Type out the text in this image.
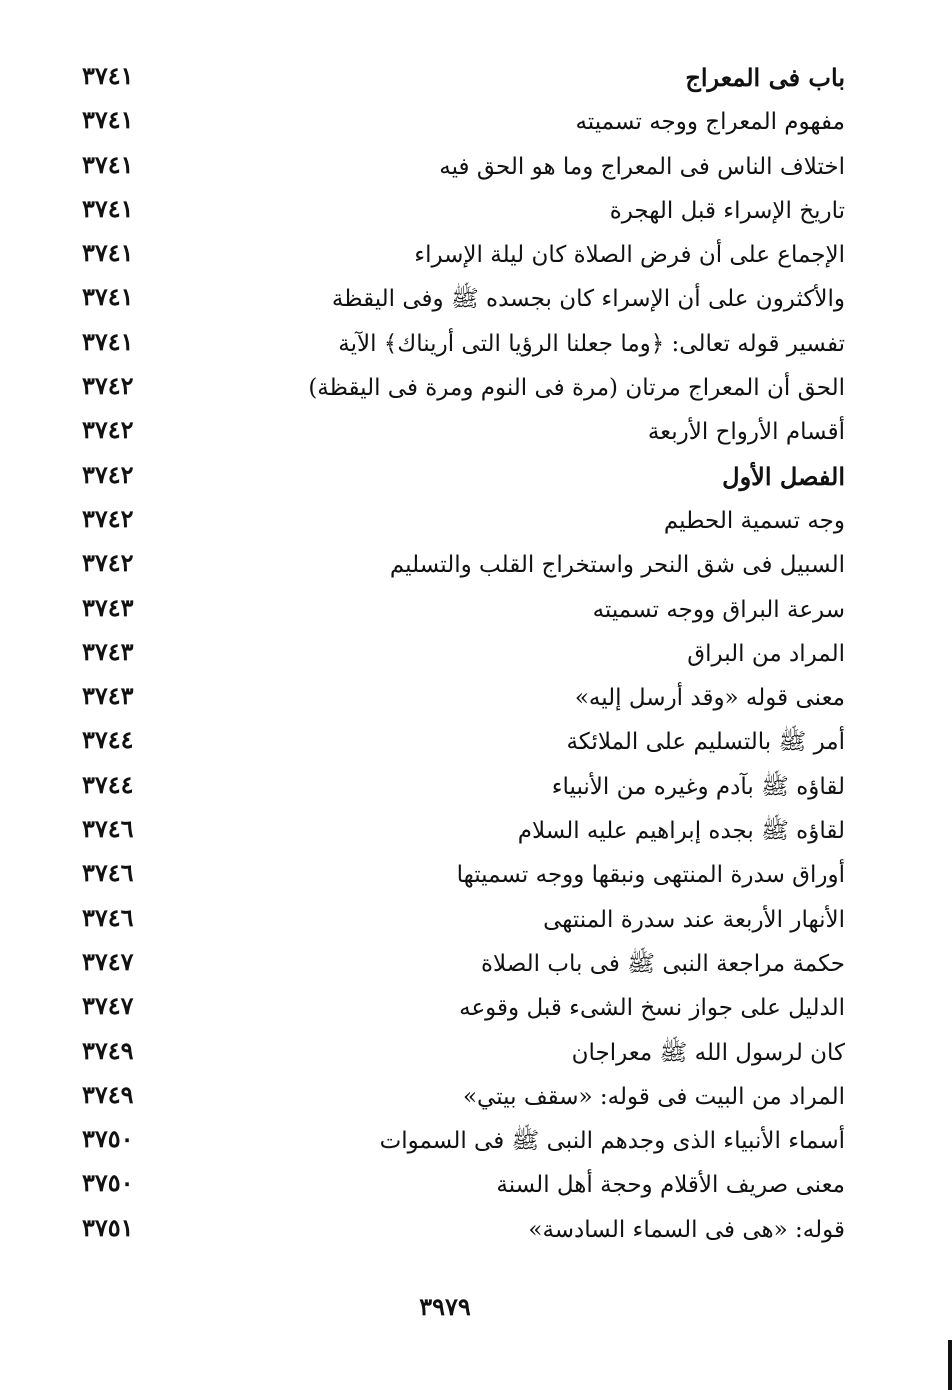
باب فى المعراج
٣٧٤١
مفهوم المعراج ووجه تسميته
٣٧٤١
اختلاف الناس فى المعراج وما هو الحق فيه
٣٧٤١
تاريخ الإسراء قبل الهجرة
٣٧٤١
الإجماع على أن فرض الصلاة كان ليلة الإسراء
٣٧٤١
والأكثرون على أن الإسراء كان بجسده ﷺ وفى اليقظة
٣٧٤١
تفسير قوله تعالى: ﴿وما جعلنا الرؤيا التى أريناك﴾ الآية
٣٧٤١
الحق أن المعراج مرتان (مرة فى النوم ومرة فى اليقظة)
٣٧٤٢
أقسام الأرواح الأربعة
٣٧٤٢
الفصل الأول
٣٧٤٢
وجه تسمية الحطيم
٣٧٤٢
السبيل فى شق النحر واستخراج القلب والتسليم
٣٧٤٢
سرعة البراق ووجه تسميته
٣٧٤٣
المراد من البراق
٣٧٤٣
معنى قوله «وقد أرسل إليه»
٣٧٤٣
أمر ﷺ بالتسليم على الملائكة
٣٧٤٤
لقاؤه ﷺ بآدم وغيره من الأنبياء
٣٧٤٤
لقاؤه ﷺ بجده إبراهيم عليه السلام
٣٧٤٦
أوراق سدرة المنتهى ونبقها ووجه تسميتها
٣٧٤٦
الأنهار الأربعة عند سدرة المنتهى
٣٧٤٦
حكمة مراجعة النبى ﷺ فى باب الصلاة
٣٧٤٧
الدليل على جواز نسخ الشىء قبل وقوعه
٣٧٤٧
كان لرسول الله ﷺ معراجان
٣٧٤٩
المراد من البيت فى قوله: «سقف بيتي»
٣٧٤٩
أسماء الأنبياء الذى وجدهم النبى ﷺ فى السموات
٣٧٥٠
معنى صريف الأقلام وحجة أهل السنة
٣٧٥٠
قوله: «هى فى السماء السادسة»
٣٧٥١
٣٩٧٩
